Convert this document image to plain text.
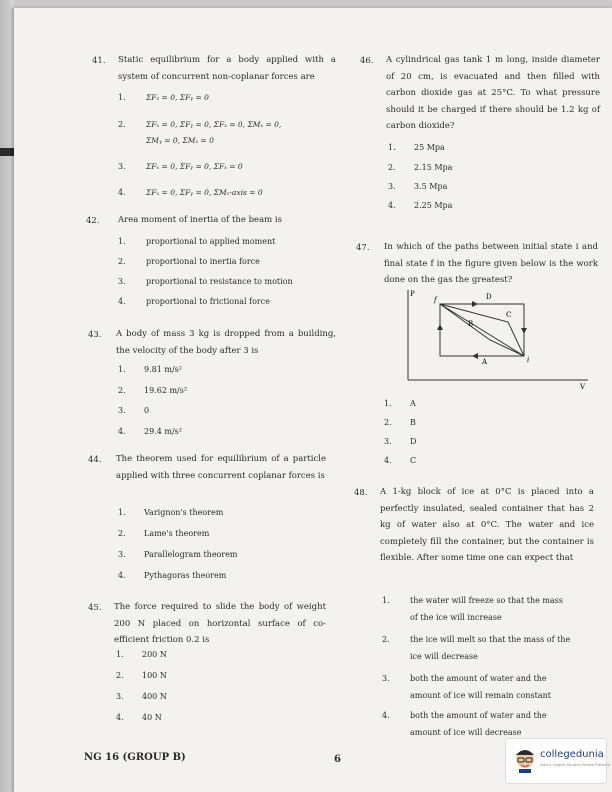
41. Static equilibrium for a body applied with a system of concurrent non-coplanar forces are
1.	ΣFₓ = 0, ΣFᵧ = 0
2.	ΣFₓ = 0, ΣFᵧ = 0, ΣFₓ = 0, ΣMₓ = 0,
ΣMᵧ = 0, ΣMₓ = 0
3.	ΣFₓ = 0, ΣFᵧ = 0, ΣFₓ = 0
4.	ΣFₓ = 0, ΣFᵧ = 0, ΣMₓ-axis = 0
42. Area moment of inertia of the beam is
1.	proportional to applied moment
2.	proportional to inertia force
3.	proportional to resistance to motion
4.	proportional to frictional force
43. A body of mass 3 kg is dropped from a building, the velocity of the body after 3 is
1. 9.81 m/s²
2. 19.62 m/s²
3. 0
4. 29.4 m/s²
44. The theorem used for equilibrium of a particle applied with three concurrent coplanar forces is
1. Varignon's theorem
2. Lame's theorem
3. Parallelogram theorem
4. Pythagoras theorem
45. The force required to slide the body of weight 200 N placed on horizontal surface of co-efficient friction 0.2 is
1. 200 N
2. 100 N
3. 400 N
4. 40 N
46. A cylindrical gas tank 1 m long, inside diameter of 20 cm, is evacuated and then filled with carbon dioxide gas at 25°C. To what pressure should it be charged if there should be 1.2 kg of carbon dioxide?
1. 25 Mpa
2. 2.15 Mpa
3. 3.5 Mpa
4. 2.25 Mpa
47. In which of the paths between initial state i and final state f in the figure given below is the work done on the gas the greatest?
P
V
f
i
D
C
B
A
1. A
2. B
3. D
4. C
48. A 1-kg block of ice at 0°C is placed into a perfectly insulated, sealed container that has 2 kg of water also at 0°C. The water and ice completely fill the container, but the container is flexible. After some time one can expect that
1.	the water will freeze so that the mass
of the ice will increase
2.	the ice will melt so that the mass of the
ice will decrease
3.	both the amount of water and the
amount of ice will remain constant
4.	both the amount of water and the
amount of ice will decrease
NG 16 (GROUP B)	6	collegedunia
India's Largest Student Review Platform
